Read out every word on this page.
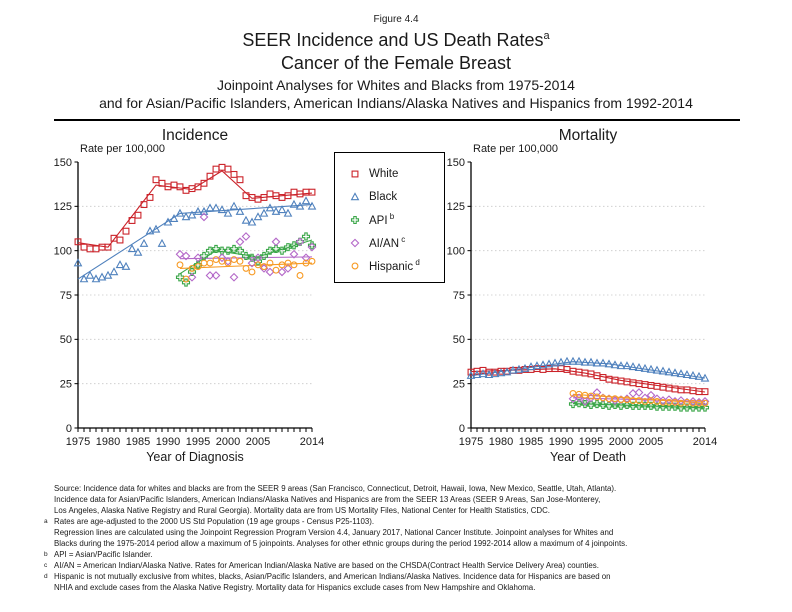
Figure 4.4
SEER Incidence and US Death Rates$^a$
Cancer of the Female Breast
Joinpoint Analyses for Whites and Blacks from 1975-2014
and for Asian/Pacific Islanders, American Indians/Alaska Natives and Hispanics from 1992-2014
0
25
50
75
100
125
150
1975 1980 1985 1990 1995 2000 2005	2014
Incidence
Rate per 100,000
Year of Diagnosis
0
25
50
75
100
125
150
1975 1980 1985 1990 1995 2000 2005	2014
Mortality
Rate per 100,000
Year of Death
White
Black
API $^b$
AI/AN $^c$
Hispanic $^d$
Source: Incidence data for whites and blacks are from the SEER 9 areas (San Francisco, Connecticut, Detroit, Hawaii, Iowa, New Mexico, Seattle, Utah, Atlanta).
Incidence data for Asian/Pacific Islanders, American Indians/Alaska Natives and Hispanics are from the SEER 13 Areas (SEER 9 Areas, San Jose-Monterey,
Los Angeles, Alaska Native Registry and Rural Georgia). Mortality data are from US Mortality Files, National Center for Health Statistics, CDC.
a Rates are age-adjusted to the 2000 US Std Population (19 age groups - Census P25-1103).
Regression lines are calculated using the Joinpoint Regression Program Version 4.4, January 2017, National Cancer Institute. Joinpoint analyses for Whites and
Blacks during the 1975-2014 period allow a maximum of 5 joinpoints. Analyses for other ethnic groups during the period 1992-2014 allow a maximum of 4 joinpoints.
b API = Asian/Pacific Islander.
c AI/AN = American Indian/Alaska Native. Rates for American Indian/Alaska Native are based on the CHSDA(Contract Health Service Delivery Area) counties.
d Hispanic is not mutually exclusive from whites, blacks, Asian/Pacific Islanders, and American Indians/Alaska Natives. Incidence data for Hispanics are based on
NHIA and exclude cases from the Alaska Native Registry. Mortality data for Hispanics exclude cases from New Hampshire and Oklahoma.
